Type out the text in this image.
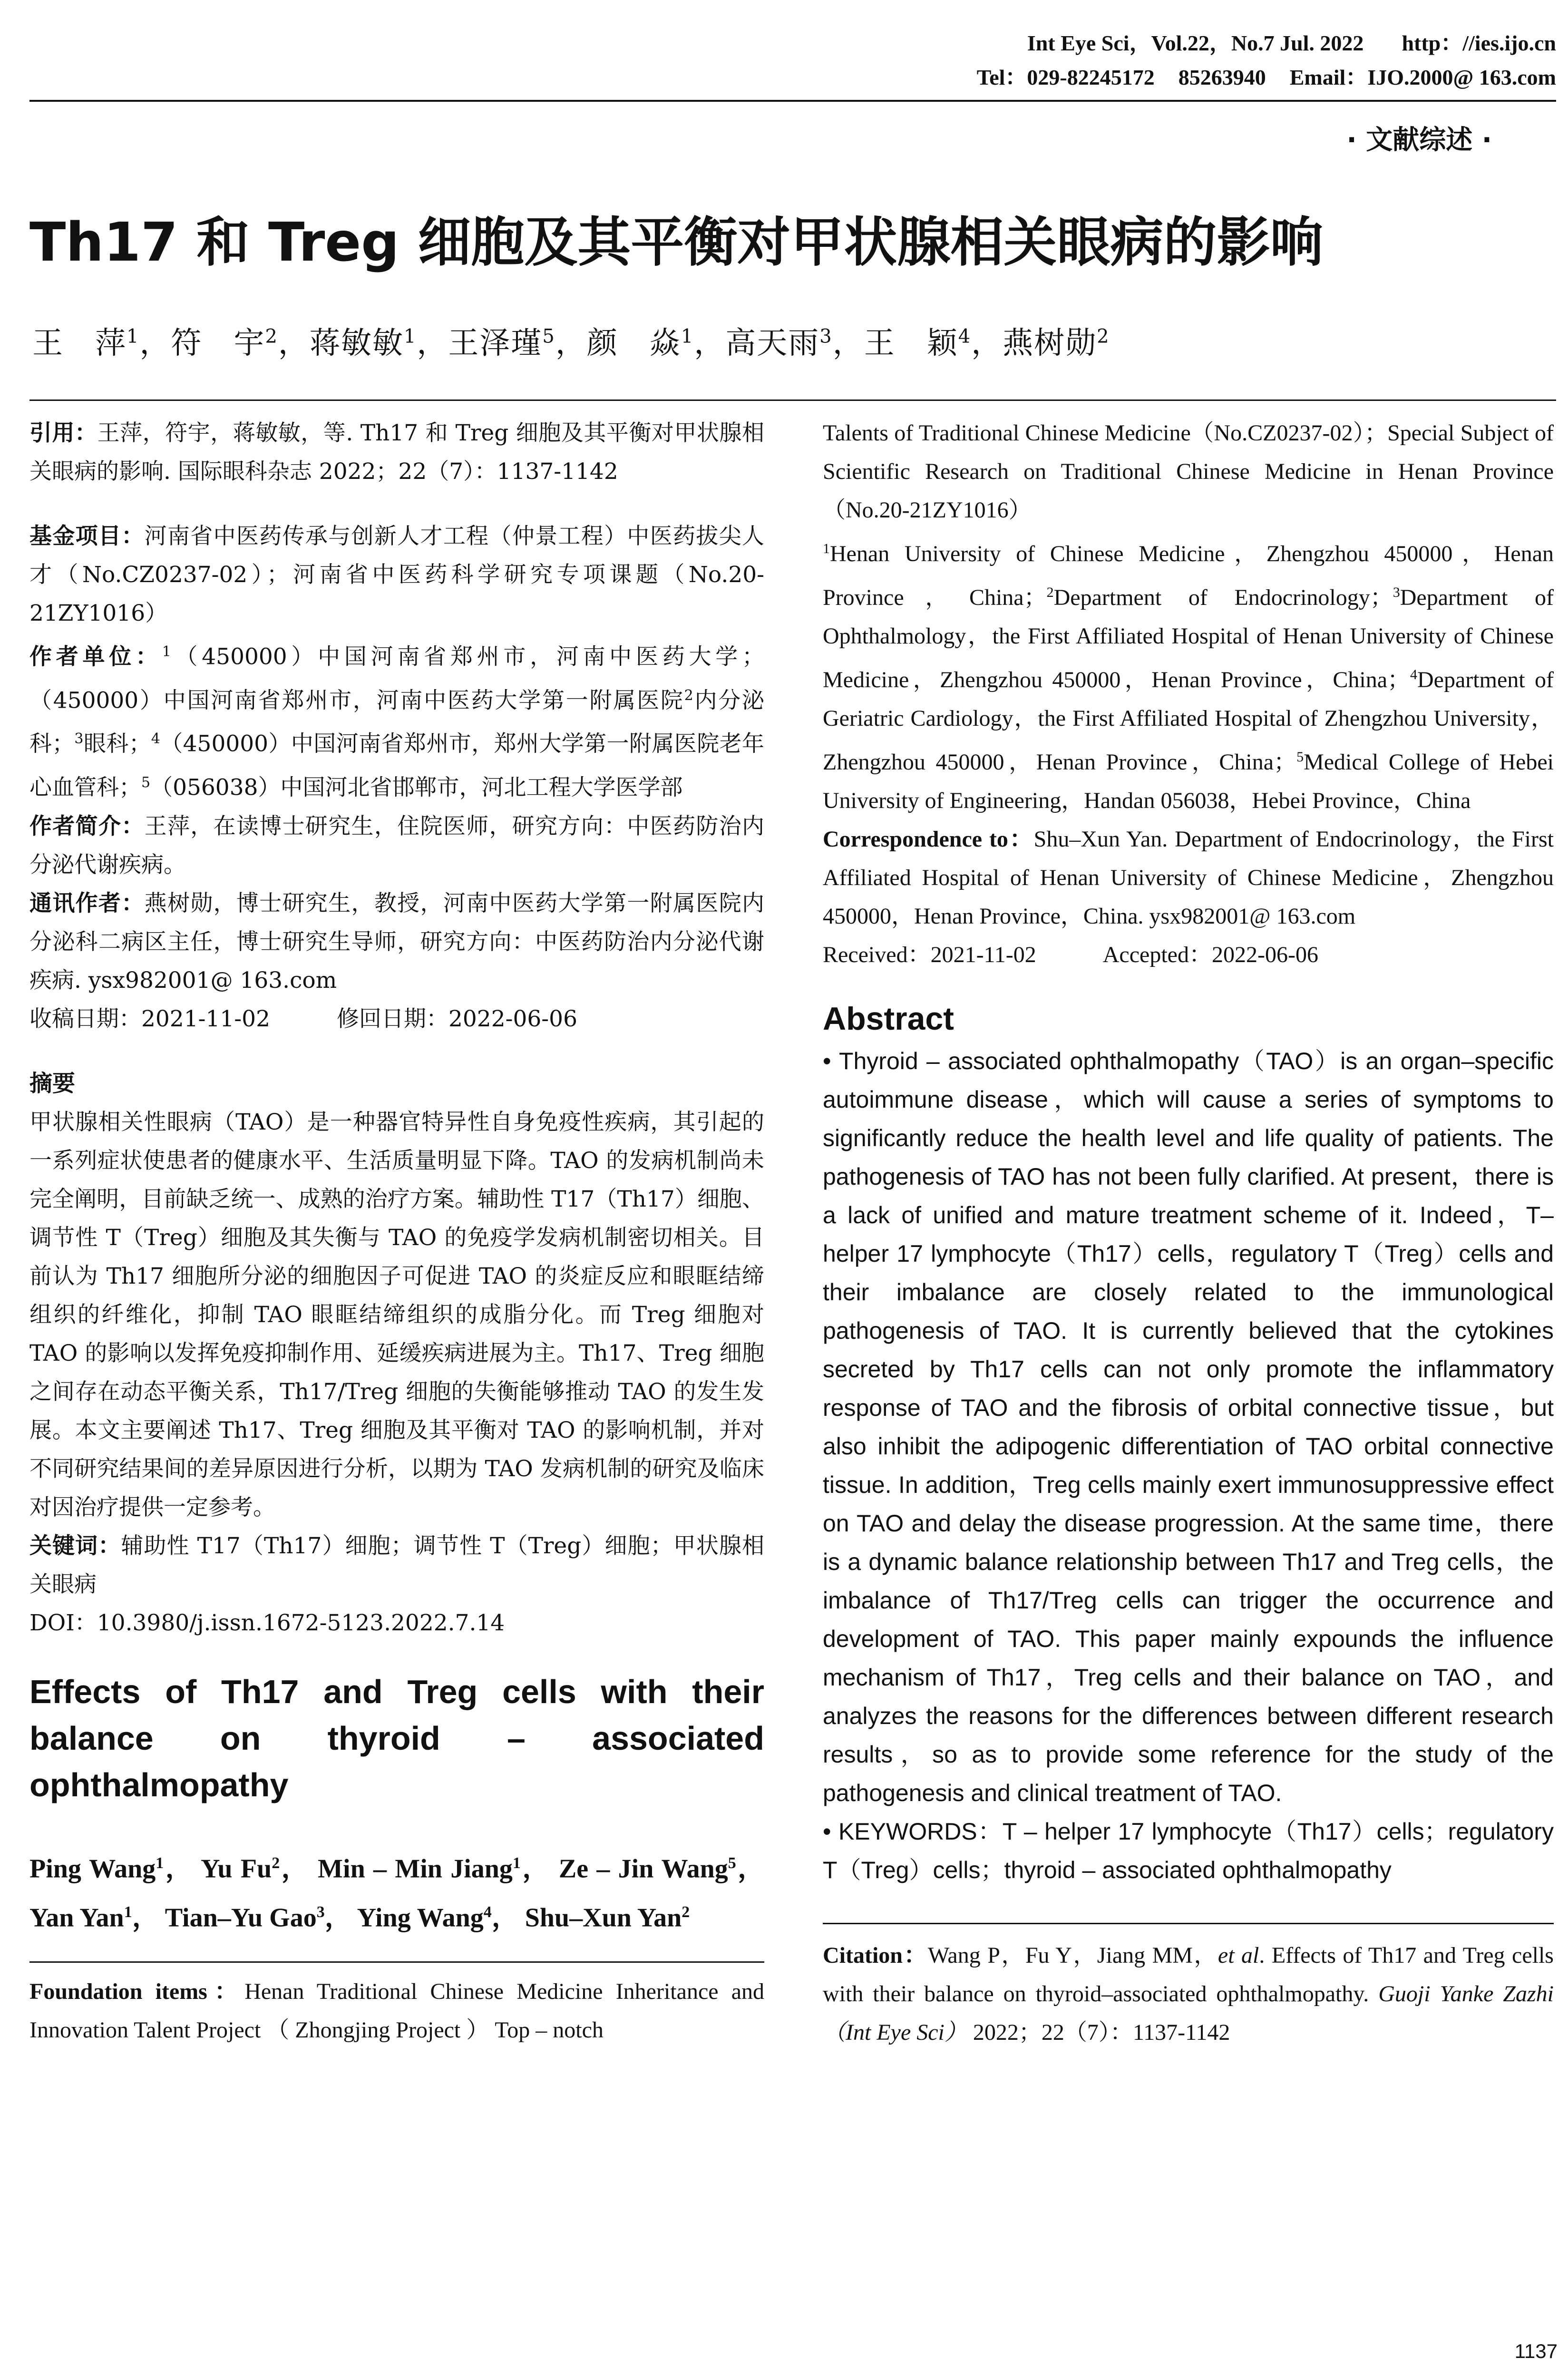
Int Eye Sci，Vol.22，No.7 Jul. 2022 http：//ies.ijo.cn
Tel：029-82245172 85263940 Email：IJO.2000@ 163.com
· 文献综述 ·
Th17 和 Treg 细胞及其平衡对甲状腺相关眼病的影响
王　萍$^1$，符　宇$^2$，蒋敏敏$^1$，王泽瑾$^5$，颜　焱$^1$，高天雨$^3$，王　颖$^4$，燕树勋$^2$

引用：王萍，符宇，蒋敏敏，等. Th17 和 Treg 细胞及其平衡对甲状腺相关眼病的影响. 国际眼科杂志 2022；22（7）：1137-1142

基金项目：河南省中医药传承与创新人才工程（仲景工程）中医药拔尖人才（No.CZ0237-02）；河南省中医药科学研究专项课题（No.20-21ZY1016）

作者单位：$^1$（450000）中国河南省郑州市，河南中医药大学；（450000）中国河南省郑州市，河南中医药大学第一附属医院$^2$内分泌科；$^3$眼科；$^4$（450000）中国河南省郑州市，郑州大学第一附属医院老年心血管科；$^5$（056038）中国河北省邯郸市，河北工程大学医学部

作者简介：王萍，在读博士研究生，住院医师，研究方向：中医药防治内分泌代谢疾病。

通讯作者：燕树勋，博士研究生，教授，河南中医药大学第一附属医院内分泌科二病区主任，博士研究生导师，研究方向：中医药防治内分泌代谢疾病. ysx982001@ 163.com

收稿日期：2021-11-02	修回日期：2022-06-06

摘要

甲状腺相关性眼病（TAO）是一种器官特异性自身免疫性疾病，其引起的一系列症状使患者的健康水平、生活质量明显下降。TAO 的发病机制尚未完全阐明，目前缺乏统一、成熟的治疗方案。辅助性 T17（Th17）细胞、调节性 T（Treg）细胞及其失衡与 TAO 的免疫学发病机制密切相关。目前认为 Th17 细胞所分泌的细胞因子可促进 TAO 的炎症反应和眼眶结缔组织的纤维化，抑制 TAO 眼眶结缔组织的成脂分化。而 Treg 细胞对 TAO 的影响以发挥免疫抑制作用、延缓疾病进展为主。Th17、Treg 细胞之间存在动态平衡关系，Th17/Treg 细胞的失衡能够推动 TAO 的发生发展。本文主要阐述 Th17、Treg 细胞及其平衡对 TAO 的影响机制，并对不同研究结果间的差异原因进行分析，以期为 TAO 发病机制的研究及临床对因治疗提供一定参考。

关键词：辅助性 T17（Th17）细胞；调节性 T（Treg）细胞；甲状腺相关眼病

DOI：10.3980/j.issn.1672-5123.2022.7.14

Effects of Th17 and Treg cells with their balance on thyroid – associated ophthalmopathy

Ping Wang$^1$， Yu Fu$^2$， Min – Min Jiang$^1$， Ze – Jin Wang$^5$， Yan Yan$^1$， Tian–Yu Gao$^3$， Ying Wang$^4$， Shu–Xun Yan$^2$

Foundation items：Henan Traditional Chinese Medicine Inheritance and Innovation Talent Project （ Zhongjing Project ） Top – notch

Talents of Traditional Chinese Medicine（No.CZ0237-02）；Special Subject of Scientific Research on Traditional Chinese Medicine in Henan Province（No.20-21ZY1016）

$^1$Henan University of Chinese Medicine，Zhengzhou 450000，Henan Province，China；$^2$Department of Endocrinology；$^3$Department of Ophthalmology，the First Affiliated Hospital of Henan University of Chinese Medicine，Zhengzhou 450000，Henan Province，China；$^4$Department of Geriatric Cardiology，the First Affiliated Hospital of Zhengzhou University，Zhengzhou 450000，Henan Province，China；$^5$Medical College of Hebei University of Engineering，Handan 056038，Hebei Province，China

Correspondence to：Shu–Xun Yan. Department of Endocrinology，the First Affiliated Hospital of Henan University of Chinese Medicine，Zhengzhou 450000，Henan Province，China. ysx982001@ 163.com

Received：2021-11-02	Accepted：2022-06-06

Abstract

• Thyroid – associated ophthalmopathy（TAO）is an organ–specific autoimmune disease，which will cause a series of symptoms to significantly reduce the health level and life quality of patients. The pathogenesis of TAO has not been fully clarified. At present，there is a lack of unified and mature treatment scheme of it. Indeed，T–helper 17 lymphocyte（Th17）cells，regulatory T（Treg）cells and their imbalance are closely related to the immunological pathogenesis of TAO. It is currently believed that the cytokines secreted by Th17 cells can not only promote the inflammatory response of TAO and the fibrosis of orbital connective tissue，but also inhibit the adipogenic differentiation of TAO orbital connective tissue. In addition，Treg cells mainly exert immunosuppressive effect on TAO and delay the disease progression. At the same time，there is a dynamic balance relationship between Th17 and Treg cells，the imbalance of Th17/Treg cells can trigger the occurrence and development of TAO. This paper mainly expounds the influence mechanism of Th17，Treg cells and their balance on TAO，and analyzes the reasons for the differences between different research results，so as to provide some reference for the study of the pathogenesis and clinical treatment of TAO.

• KEYWORDS：T – helper 17 lymphocyte（Th17）cells；regulatory T（Treg）cells；thyroid – associated ophthalmopathy

Citation：Wang P，Fu Y，Jiang MM，et al. Effects of Th17 and Treg cells with their balance on thyroid–associated ophthalmopathy. Guoji Yanke Zazhi（Int Eye Sci） 2022；22（7）：1137-1142

1137
